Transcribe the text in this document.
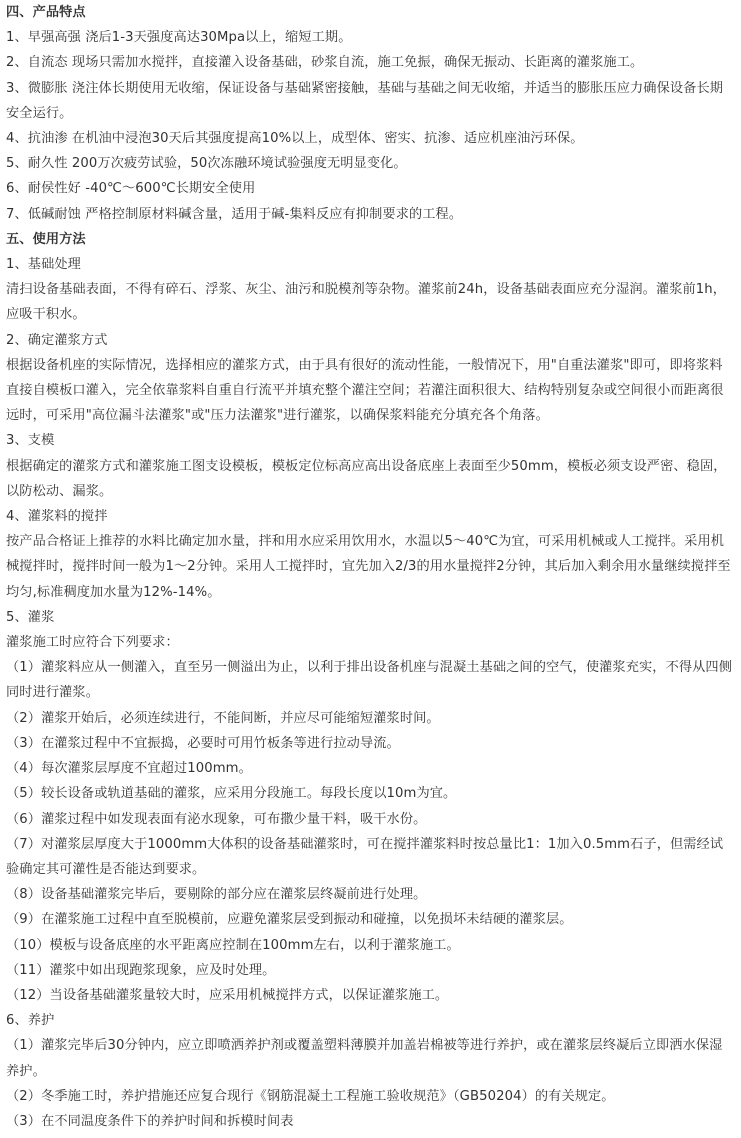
四、产品特点
1、早强高强 浇后1-3天强度高达30Mpa以上，缩短工期。
2、自流态 现场只需加水搅拌，直接灌入设备基础，砂浆自流，施工免振，确保无振动、长距离的灌浆施工。
3、微膨胀 浇注体长期使用无收缩，保证设备与基础紧密接触，基础与基础之间无收缩，并适当的膨胀压应力确保设备长期安全运行。
4、抗油渗 在机油中浸泡30天后其强度提高10%以上，成型体、密实、抗渗、适应机座油污环保。
5、耐久性 200万次疲劳试验，50次冻融环境试验强度无明显变化。
6、耐侯性好 -40℃～600℃长期安全使用
7、低碱耐蚀 严格控制原材料碱含量，适用于碱-集料反应有抑制要求的工程。
五、使用方法
1、基础处理
清扫设备基础表面，不得有碎石、浮浆、灰尘、油污和脱模剂等杂物。灌浆前24h，设备基础表面应充分湿润。灌浆前1h，应吸干积水。
2、确定灌浆方式
根据设备机座的实际情况，选择相应的灌浆方式，由于具有很好的流动性能，一般情况下，用"自重法灌浆"即可，即将浆料直接自模板口灌入，完全依靠浆料自重自行流平并填充整个灌注空间；若灌注面积很大、结构特别复杂或空间很小而距离很远时，可采用"高位漏斗法灌浆"或"压力法灌浆"进行灌浆，以确保浆料能充分填充各个角落。
3、支模
根据确定的灌浆方式和灌浆施工图支设模板，模板定位标高应高出设备底座上表面至少50mm，模板必须支设严密、稳固，以防松动、漏浆。
4、灌浆料的搅拌
按产品合格证上推荐的水料比确定加水量，拌和用水应采用饮用水，水温以5～40℃为宜，可采用机械或人工搅拌。采用机械搅拌时，搅拌时间一般为1～2分钟。采用人工搅拌时，宜先加入2/3的用水量搅拌2分钟，其后加入剩余用水量继续搅拌至均匀,标准稠度加水量为12%-14%。
5、灌浆
灌浆施工时应符合下列要求：
（1）灌浆料应从一侧灌入，直至另一侧溢出为止，以利于排出设备机座与混凝土基础之间的空气，使灌浆充实，不得从四侧同时进行灌浆。
（2）灌浆开始后，必须连续进行，不能间断，并应尽可能缩短灌浆时间。
（3）在灌浆过程中不宜振捣，必要时可用竹板条等进行拉动导流。
（4）每次灌浆层厚度不宜超过100mm。
（5）较长设备或轨道基础的灌浆，应采用分段施工。每段长度以10m为宜。
（6）灌浆过程中如发现表面有泌水现象，可布撒少量干料，吸干水份。
（7）对灌浆层厚度大于1000mm大体积的设备基础灌浆时，可在搅拌灌浆料时按总量比1：1加入0.5mm石子，但需经试验确定其可灌性是否能达到要求。
（8）设备基础灌浆完毕后，要剔除的部分应在灌浆层终凝前进行处理。
（9）在灌浆施工过程中直至脱模前，应避免灌浆层受到振动和碰撞，以免损坏未结硬的灌浆层。
（10）模板与设备底座的水平距离应控制在100mm左右，以利于灌浆施工。
（11）灌浆中如出现跑浆现象，应及时处理。
（12）当设备基础灌浆量较大时，应采用机械搅拌方式，以保证灌浆施工。
6、养护
（1）灌浆完毕后30分钟内，应立即喷洒养护剂或覆盖塑料薄膜并加盖岩棉被等进行养护，或在灌浆层终凝后立即洒水保湿养护。
（2）冬季施工时，养护措施还应复合现行《钢筋混凝土工程施工验收规范》（GB50204）的有关规定。
（3）在不同温度条件下的养护时间和拆模时间表
